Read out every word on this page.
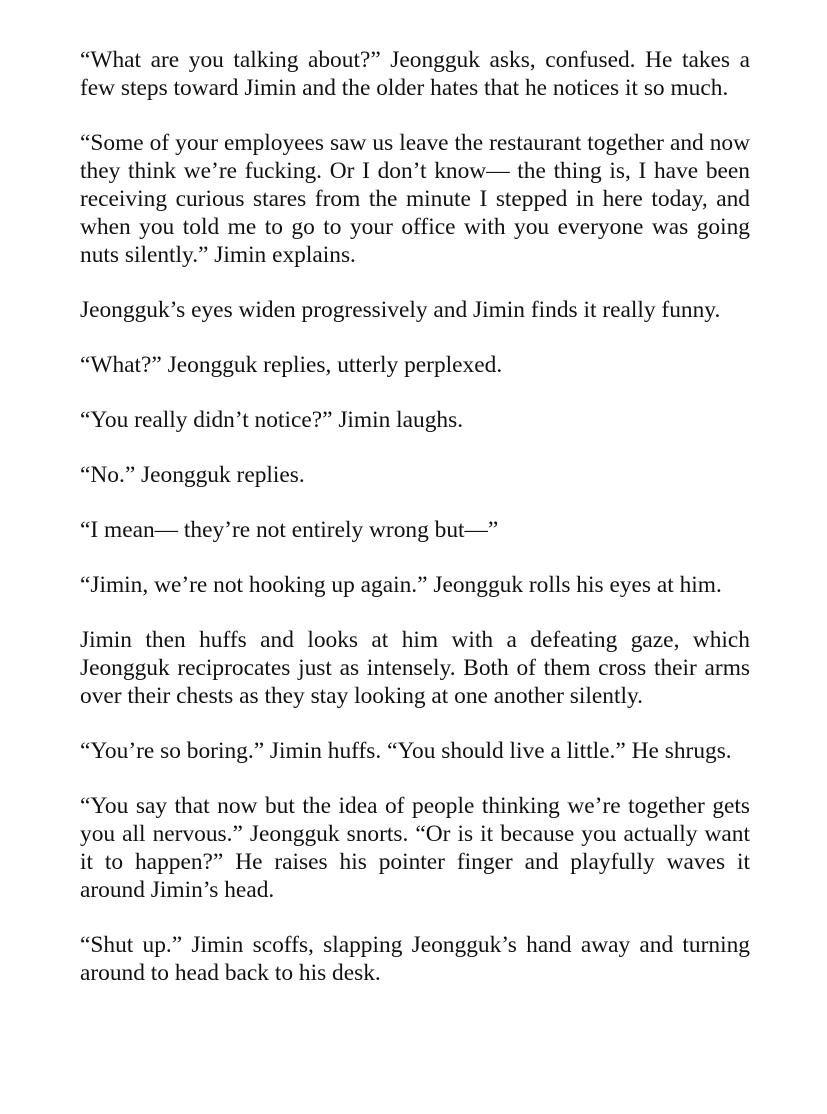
“What are you talking about?” Jeongguk asks, confused. He takes a few steps toward Jimin and the older hates that he notices it so much.

“Some of your employees saw us leave the restaurant together and now they think we’re fucking. Or I don’t know— the thing is, I have been receiving curious stares from the minute I stepped in here today, and when you told me to go to your office with you everyone was going nuts silently.” Jimin explains.

Jeongguk’s eyes widen progressively and Jimin finds it really funny.

“What?” Jeongguk replies, utterly perplexed.

“You really didn’t notice?” Jimin laughs.

“No.” Jeongguk replies.

“I mean— they’re not entirely wrong but—”

“Jimin, we’re not hooking up again.” Jeongguk rolls his eyes at him.

Jimin then huffs and looks at him with a defeating gaze, which Jeongguk reciprocates just as intensely. Both of them cross their arms over their chests as they stay looking at one another silently.

“You’re so boring.” Jimin huffs. “You should live a little.” He shrugs.

“You say that now but the idea of people thinking we’re together gets you all nervous.” Jeongguk snorts. “Or is it because you actually want it to happen?” He raises his pointer finger and playfully waves it around Jimin’s head.

“Shut up.” Jimin scoffs, slapping Jeongguk’s hand away and turning around to head back to his desk.
